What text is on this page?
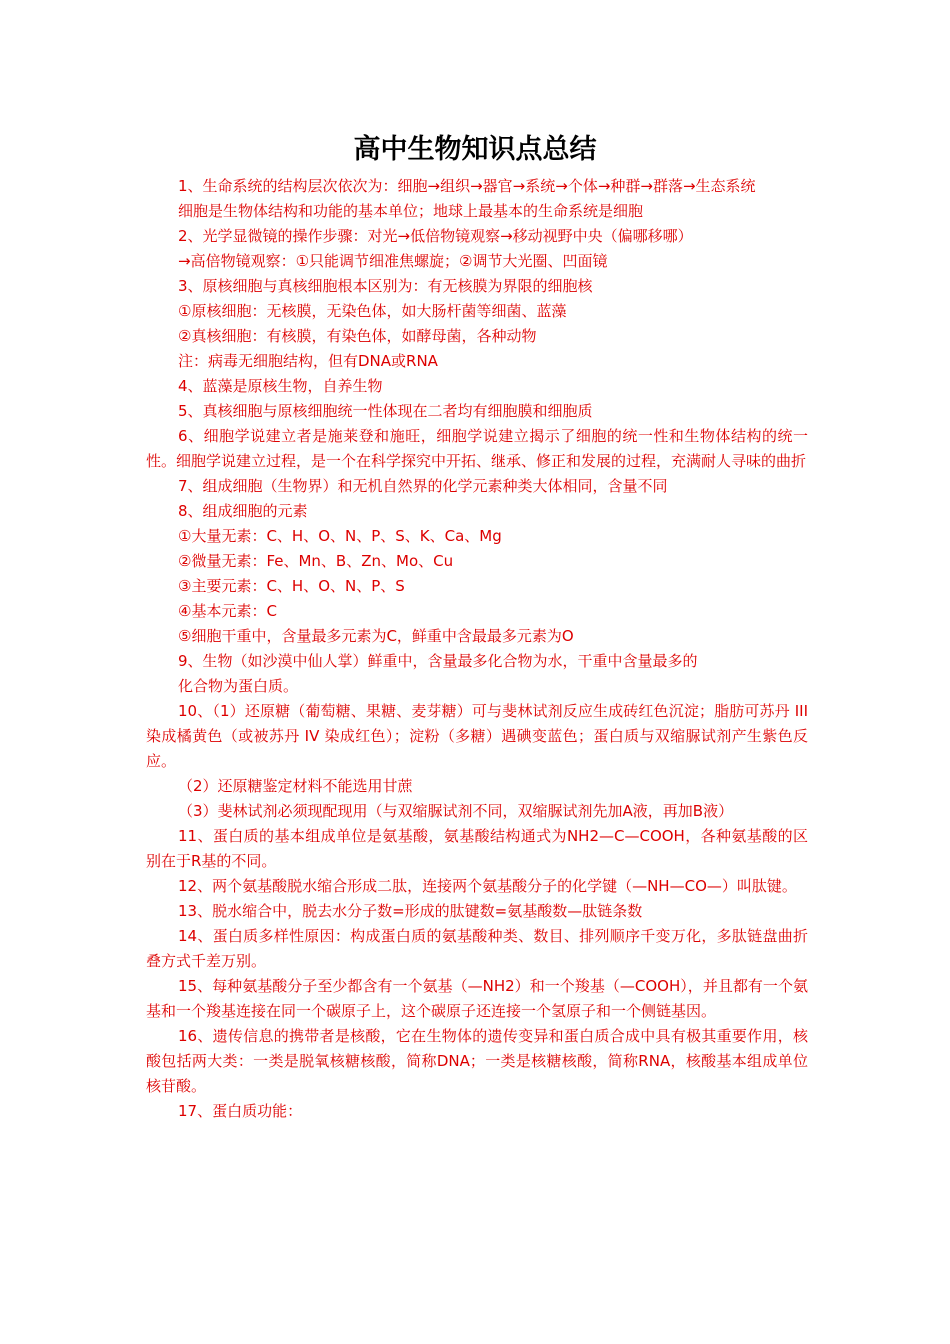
高中生物知识点总结

1、生命系统的结构层次依次为：细胞→组织→器官→系统→个体→种群→群落→生态系统

细胞是生物体结构和功能的基本单位；地球上最基本的生命系统是细胞

2、光学显微镜的操作步骤：对光→低倍物镜观察→移动视野中央（偏哪移哪）

→高倍物镜观察：①只能调节细准焦螺旋；②调节大光圈、凹面镜

3、原核细胞与真核细胞根本区别为：有无核膜为界限的细胞核

①原核细胞：无核膜，无染色体，如大肠杆菌等细菌、蓝藻

②真核细胞：有核膜，有染色体，如酵母菌，各种动物

注：病毒无细胞结构，但有DNA或RNA

4、蓝藻是原核生物，自养生物

5、真核细胞与原核细胞统一性体现在二者均有细胞膜和细胞质

6、细胞学说建立者是施莱登和施旺，细胞学说建立揭示了细胞的统一性和生物体结构的统一性。细胞学说建立过程，是一个在科学探究中开拓、继承、修正和发展的过程，充满耐人寻味的曲折

7、组成细胞（生物界）和无机自然界的化学元素种类大体相同，含量不同

8、组成细胞的元素

①大量无素：C、H、O、N、P、S、K、Ca、Mg

②微量无素：Fe、Mn、B、Zn、Mo、Cu

③主要元素：C、H、O、N、P、S

④基本元素：C

⑤细胞干重中，含量最多元素为C，鲜重中含最最多元素为O

9、生物（如沙漠中仙人掌）鲜重中，含量最多化合物为水，干重中含量最多的

化合物为蛋白质。

10、（1）还原糖（葡萄糖、果糖、麦芽糖）可与斐林试剂反应生成砖红色沉淀；脂肪可苏丹 III 染成橘黄色（或被苏丹 IV 染成红色）；淀粉（多糖）遇碘变蓝色；蛋白质与双缩脲试剂产生紫色反应。

（2）还原糖鉴定材料不能选用甘蔗

（3）斐林试剂必须现配现用（与双缩脲试剂不同，双缩脲试剂先加A液，再加B液）

11、蛋白质的基本组成单位是氨基酸，氨基酸结构通式为NH2—C—COOH，各种氨基酸的区别在于R基的不同。

12、两个氨基酸脱水缩合形成二肽，连接两个氨基酸分子的化学键（—NH—CO—）叫肽键。

13、脱水缩合中，脱去水分子数=形成的肽键数=氨基酸数—肽链条数

14、蛋白质多样性原因：构成蛋白质的氨基酸种类、数目、排列顺序千变万化，多肽链盘曲折叠方式千差万别。

15、每种氨基酸分子至少都含有一个氨基（—NH2）和一个羧基（—COOH），并且都有一个氨基和一个羧基连接在同一个碳原子上，这个碳原子还连接一个氢原子和一个侧链基因。

16、遗传信息的携带者是核酸，它在生物体的遗传变异和蛋白质合成中具有极其重要作用，核酸包括两大类：一类是脱氧核糖核酸，简称DNA；一类是核糖核酸，简称RNA，核酸基本组成单位核苷酸。

17、蛋白质功能：
